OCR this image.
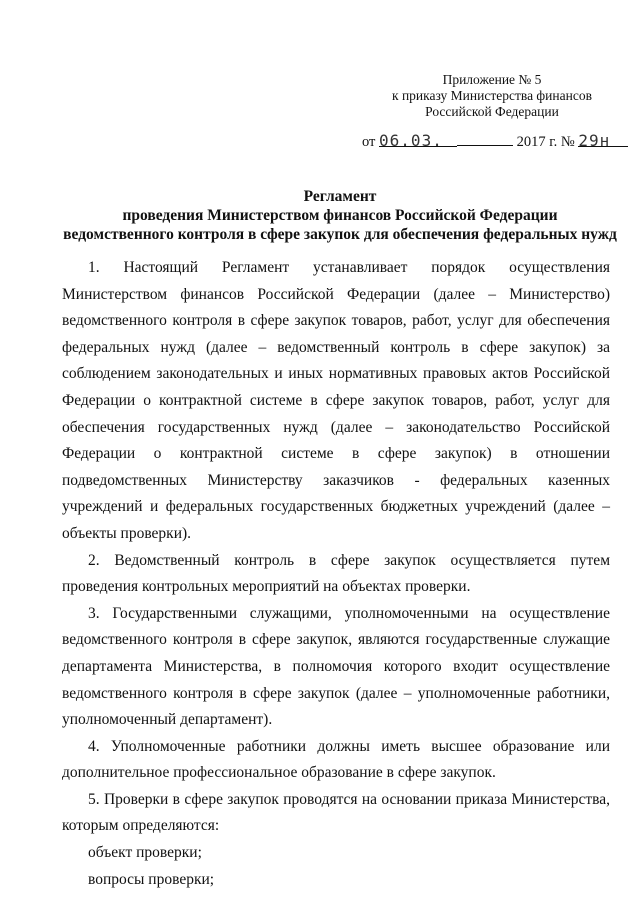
Приложение № 5
к приказу Министерства финансов
Российской Федерации
от 06.03.	2017 г. № 29н
Регламент
проведения Министерством финансов Российской Федерации
ведомственного контроля в сфере закупок для обеспечения федеральных нужд

1. Настоящий Регламент устанавливает порядок осуществления Министерством финансов Российской Федерации (далее – Министерство) ведомственного контроля в сфере закупок товаров, работ, услуг для обеспечения федеральных нужд (далее – ведомственный контроль в сфере закупок) за соблюдением законодательных и иных нормативных правовых актов Российской Федерации о контрактной системе в сфере закупок товаров, работ, услуг для обеспечения государственных нужд (далее – законодательство Российской Федерации о контрактной системе в сфере закупок) в отношении подведомственных Министерству заказчиков - федеральных казенных учреждений и федеральных государственных бюджетных учреждений (далее – объекты проверки).

2. Ведомственный контроль в сфере закупок осуществляется путем проведения контрольных мероприятий на объектах проверки.

3. Государственными служащими, уполномоченными на осуществление ведомственного контроля в сфере закупок, являются государственные служащие департамента Министерства, в полномочия которого входит осуществление ведомственного контроля в сфере закупок (далее – уполномоченные работники, уполномоченный департамент).

4. Уполномоченные работники должны иметь высшее образование или дополнительное профессиональное образование в сфере закупок.

5. Проверки в сфере закупок проводятся на основании приказа Министерства, которым определяются:

объект проверки;

вопросы проверки;
